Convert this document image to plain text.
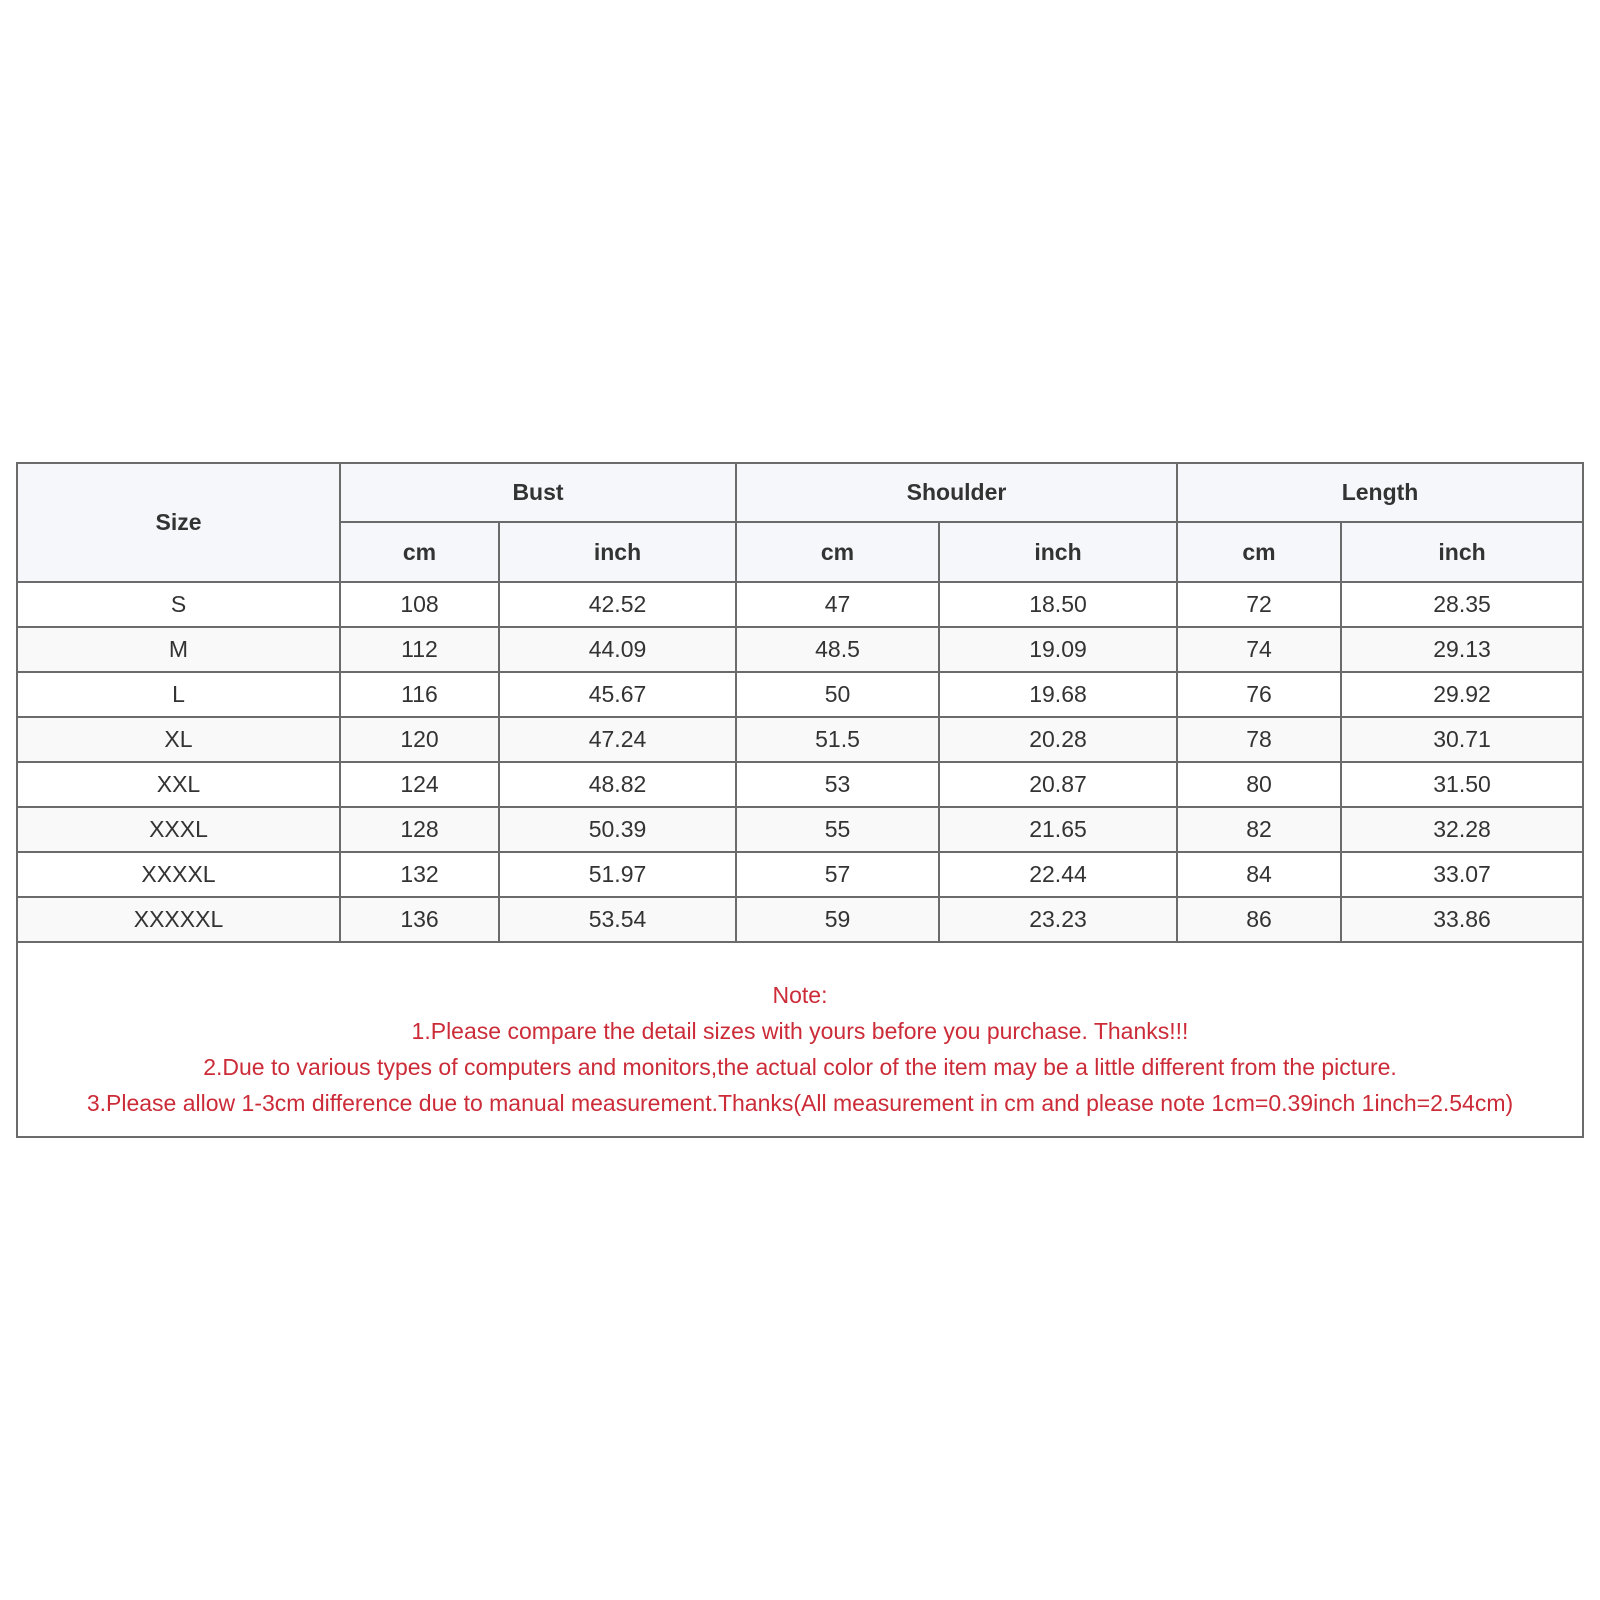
Size	Bust		Shoulder		Length	
	cm	inch	cm	inch	cm	inch
S	108	42.52	47	18.50	72	28.35
M	112	44.09	48.5	19.09	74	29.13
L	116	45.67	50	19.68	76	29.92
XL	120	47.24	51.5	20.28	78	30.71
XXL	124	48.82	53	20.87	80	31.50
XXXL	128	50.39	55	21.65	82	32.28
XXXXL	132	51.97	57	22.44	84	33.07
XXXXXL	136	53.54	59	23.23	86	33.86
Note:
1.Please compare the detail sizes with yours before you purchase. Thanks!!!
2.Due to various types of computers and monitors,the actual color of the item may be a little different from the picture.
3.Please allow 1-3cm difference due to manual measurement.Thanks(All measurement in cm and please note 1cm=0.39inch 1inch=2.54cm)
